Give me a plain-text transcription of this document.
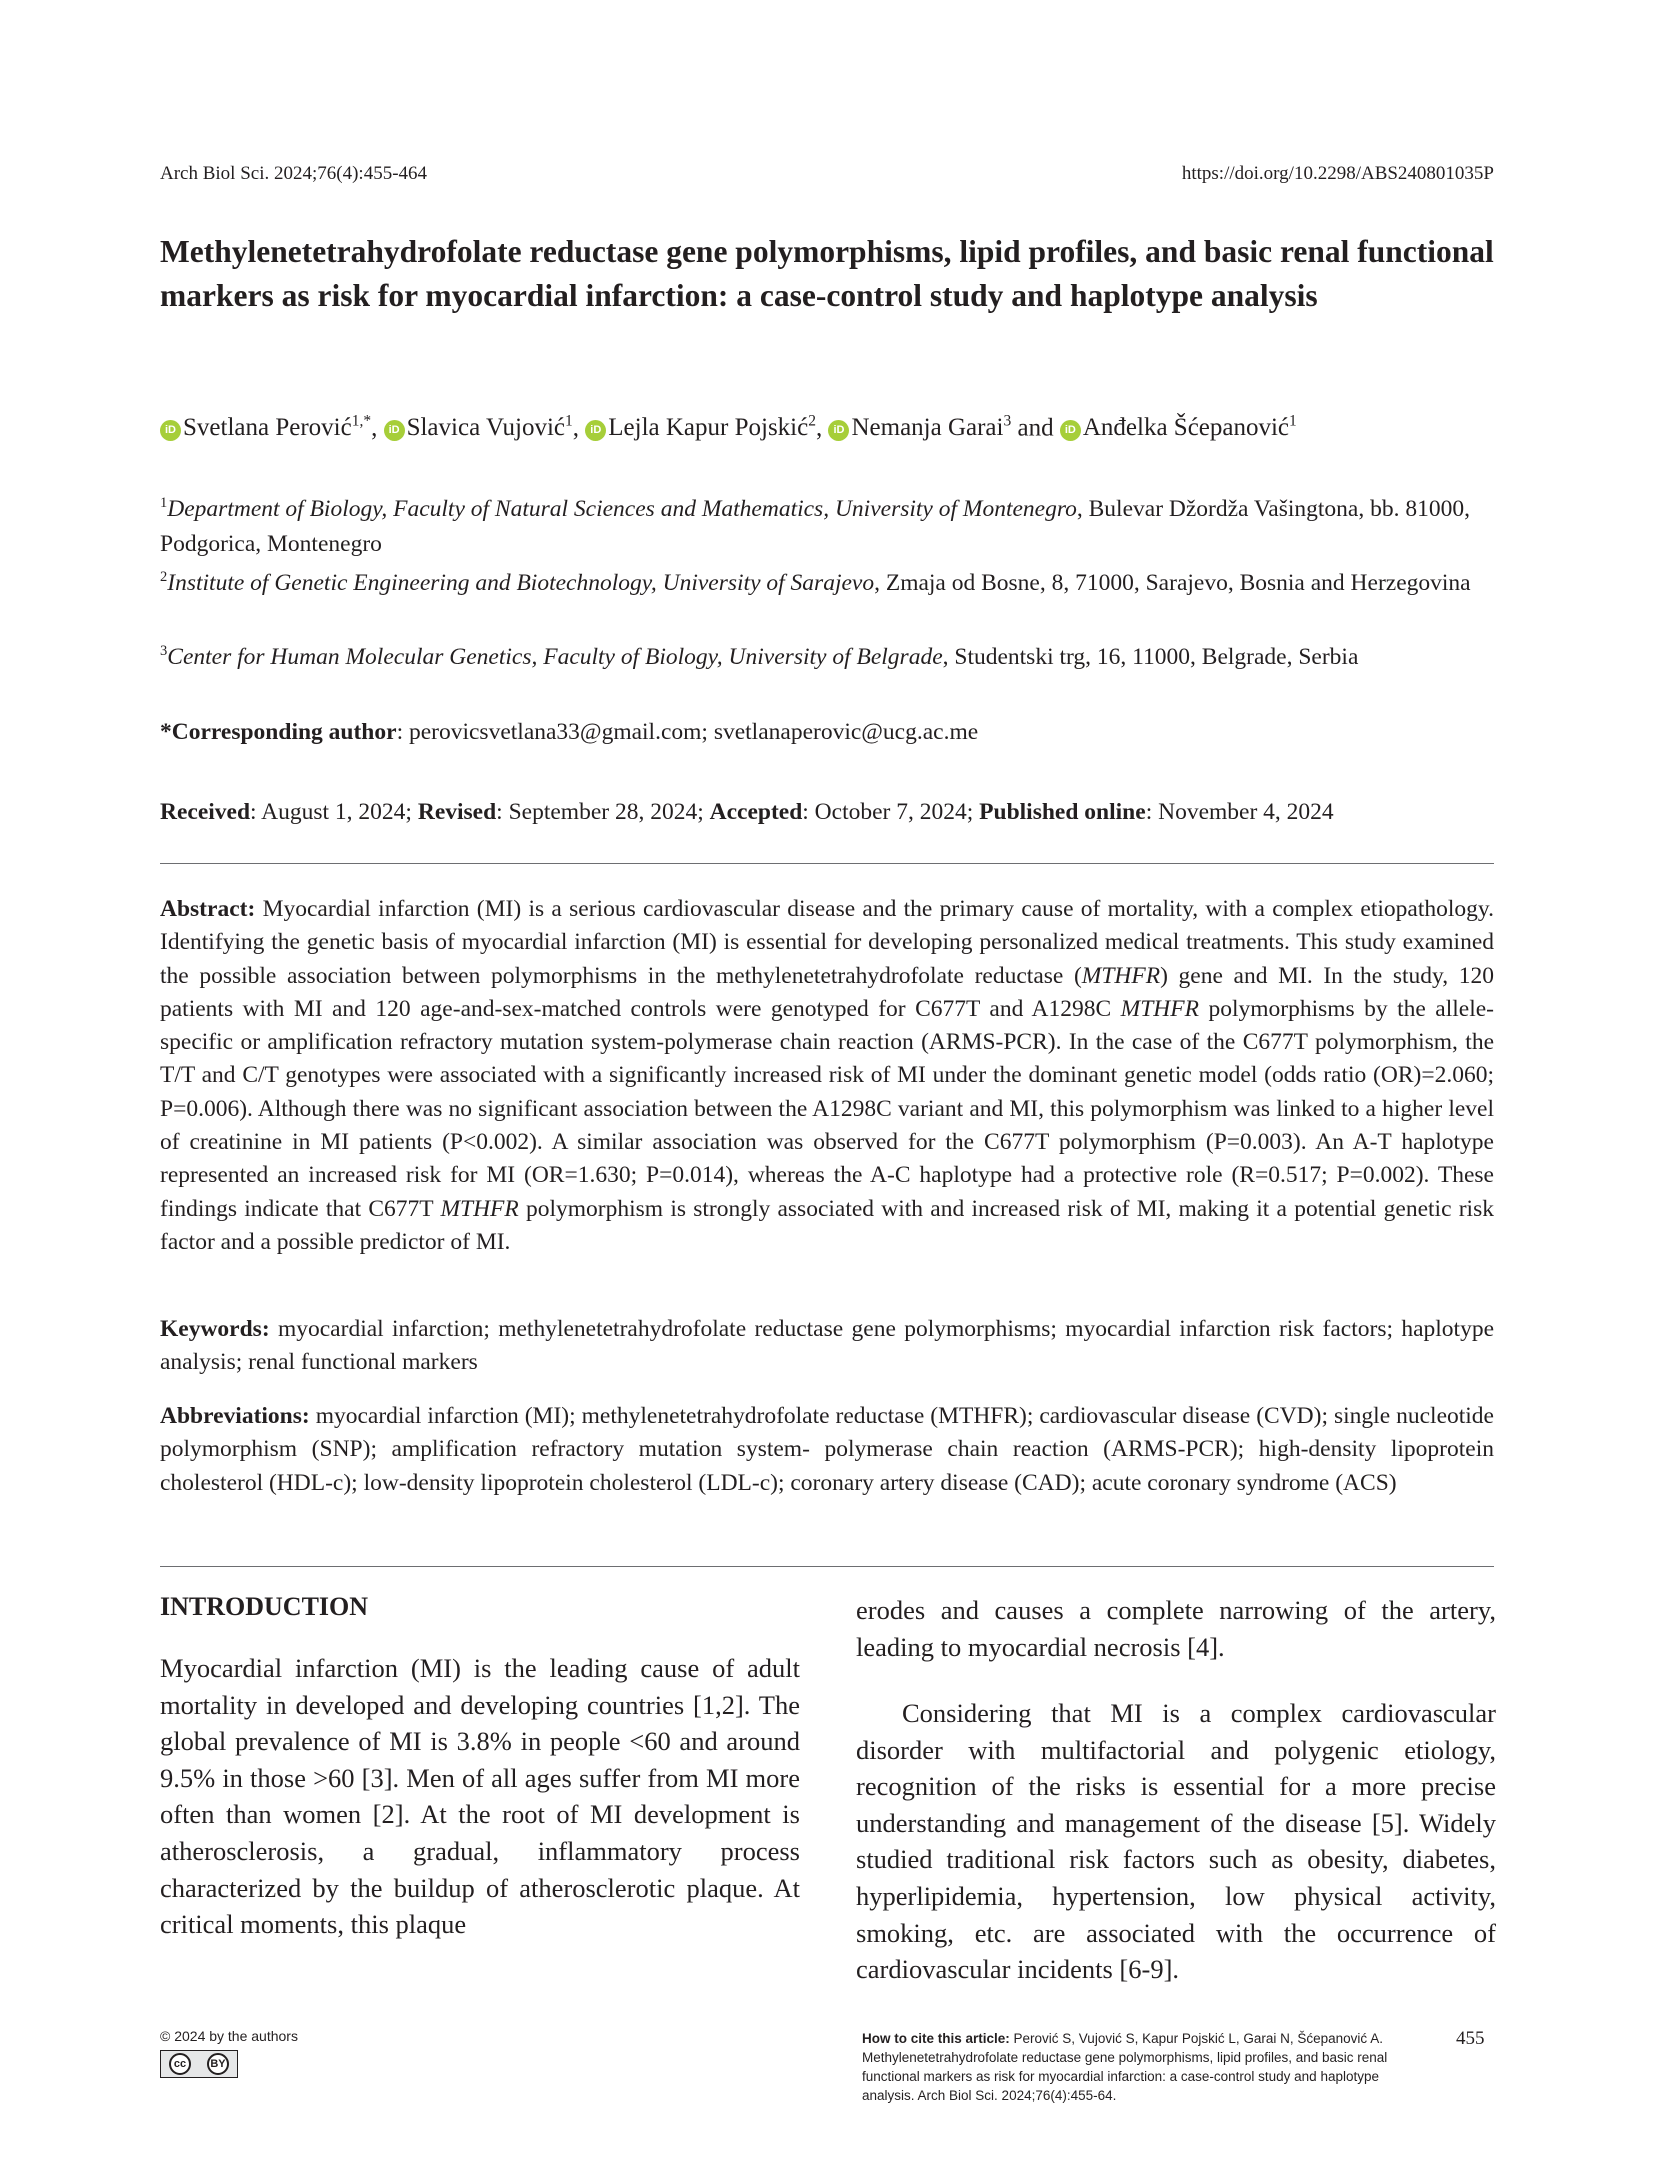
Arch Biol Sci. 2024;76(4):455-464	https://doi.org/10.2298/ABS240801035P
Methylenetetrahydrofolate reductase gene polymorphisms, lipid profiles, and basic renal functional markers as risk for myocardial infarction: a case-control study and haplotype analysis
iD Svetlana Perović$^{1,*}$, iD Slavica Vujović$^1$, iD Lejla Kapur Pojskić$^2$, iD Nemanja Garai$^3$ and iD Anđelka Šćepanović$^1$

$^1$Department of Biology, Faculty of Natural Sciences and Mathematics, University of Montenegro, Bulevar Džordža Vašingtona, bb. 81000, Podgorica, Montenegro

$^2$Institute of Genetic Engineering and Biotechnology, University of Sarajevo, Zmaja od Bosne, 8, 71000, Sarajevo, Bosnia and Herzegovina

$^3$Center for Human Molecular Genetics, Faculty of Biology, University of Belgrade, Studentski trg, 16, 11000, Belgrade, Serbia

*Corresponding author: perovicsvetlana33@gmail.com; svetlanaperovic@ucg.ac.me
Received: August 1, 2024; Revised: September 28, 2024; Accepted: October 7, 2024; Published online: November 4, 2024

Abstract: Myocardial infarction (MI) is a serious cardiovascular disease and the primary cause of mortality, with a complex etiopathology. Identifying the genetic basis of myocardial infarction (MI) is essential for developing personalized medical treatments. This study examined the possible association between polymorphisms in the methylenetetrahydrofolate reductase (MTHFR) gene and MI. In the study, 120 patients with MI and 120 age-and-sex-matched controls were genotyped for C677T and A1298C MTHFR polymorphisms by the allele-specific or amplification refractory mutation system-polymerase chain reaction (ARMS-PCR). In the case of the C677T polymorphism, the T/T and C/T genotypes were associated with a significantly increased risk of MI under the dominant genetic model (odds ratio (OR)=2.060; P=0.006). Although there was no significant association between the A1298C variant and MI, this polymorphism was linked to a higher level of creatinine in MI patients (P<0.002). A similar association was observed for the C677T polymorphism (P=0.003). An A-T haplotype represented an increased risk for MI (OR=1.630; P=0.014), whereas the A-C haplotype had a protective role (R=0.517; P=0.002). These findings indicate that C677T MTHFR polymorphism is strongly associated with and increased risk of MI, making it a potential genetic risk factor and a possible predictor of MI.

Keywords: myocardial infarction; methylenetetrahydrofolate reductase gene polymorphisms; myocardial infarction risk factors; haplotype analysis; renal functional markers

Abbreviations: myocardial infarction (MI); methylenetetrahydrofolate reductase (MTHFR); cardiovascular disease (CVD); single nucleotide polymorphism (SNP); amplification refractory mutation system- polymerase chain reaction (ARMS-PCR); high-density lipoprotein cholesterol (HDL-c); low-density lipoprotein cholesterol (LDL-c); coronary artery disease (CAD); acute coronary syndrome (ACS)

INTRODUCTION

Myocardial infarction (MI) is the leading cause of adult mortality in developed and developing countries [1,2]. The global prevalence of MI is 3.8% in people <60 and around 9.5% in those >60 [3]. Men of all ages suffer from MI more often than women [2]. At the root of MI development is atherosclerosis, a gradual, inflammatory process characterized by the buildup of atherosclerotic plaque. At critical moments, this plaque

erodes and causes a complete narrowing of the artery, leading to myocardial necrosis [4].

Considering that MI is a complex cardiovascular disorder with multifactorial and polygenic etiology, recognition of the risks is essential for a more precise understanding and management of the disease [5]. Widely studied traditional risk factors such as obesity, diabetes, hyperlipidemia, hypertension, low physical activity, smoking, etc. are associated with the occurrence of cardiovascular incidents [6-9].

© 2024 by the authors
cc	BY
How to cite this article: Perović S, Vujović S, Kapur Pojskić L, Garai N, Šćepanović A. Methylenetetrahydrofolate reductase gene polymorphisms, lipid profiles, and basic renal functional markers as risk for myocardial infarction: a case-control study and haplotype analysis. Arch Biol Sci. 2024;76(4):455-64.
455
